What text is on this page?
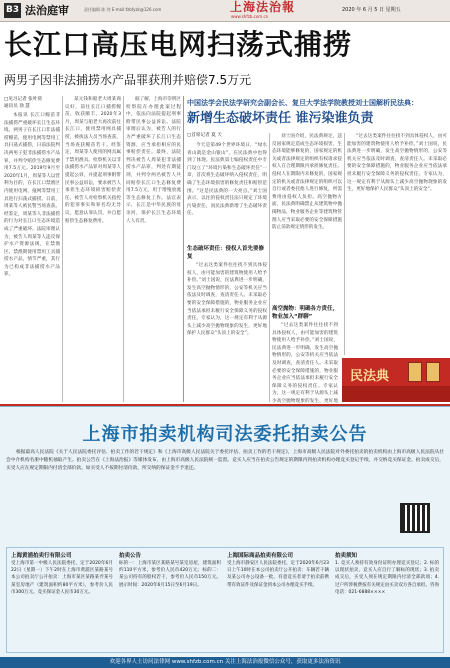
B3 法治庭审	责任编辑 陈 剑 E-mail:fzbfyzk@126.com	上海法治報
www.shfzb.com.cn
2020 年 6 月 5 日 星期五
长江口高压电网扫荡式捕捞
两男子因非法捕捞水产品罪获刑并赔偿7.5万元
□见习记者 张叶荷
通讯员 徐 慧
本报讯 长江口鳗苗非法捕捞严重破坏长江生态环境。两男子在长江口非法捕捞鳗苗，使用电网等禁用工具扫荡式捕捞，日前法院判决两男子犯非法捕捞水产品罪，并判令赔偿生态修复费用7.5万元。2019年9月至2020年1月，周某等人以营利为目的，在长江口禁渔区内使用电网、拖网等禁用工具进行扫荡式捕捞。日前，周某等人被民警当场查获。经鉴定，周某等人非法捕捞的行为对长江口生态环境造成了严重破坏。法院审理认为，被告人周某等人违反保护水产资源法规，在禁渔区、禁渔期使用禁用工具捕捞水产品，情节严重，其行为已构成非法捕捞水产品罪。
某元钱和船老大周某商议好，前往长江口捕捞鳗苗，收获颇丰。2020年3月，周某与船老大再次前往长江口，使用禁用网具捕捞，被执法人员当场查获，当场查获鳗苗若干。经鉴定，周某等人使用的网具属于禁用渔具。检察机关以非法捕捞水产品罪对周某等人提起公诉，并提起刑事附带民事公益诉讼，要求被告人承担生态环境损害赔偿责任。被告人对检察机关指控的犯罪事实和罪名均无异议，愿意认罪认罚，并自愿赔偿生态修复费用。
据了解，上海市崇明区检察院在办理此案过程中，依法向法院提起刑事附带民事公益诉讼。法院审理后认为，被告人的行为严重破坏了长江口生态资源，应当承担相应的民事赔偿责任。最终，法院判决被告人周某犯非法捕捞水产品罪，判处有期徒刑，并判令两名被告人共同赔偿长江口生态修复费用7.5万元，用于增殖放流等生态修复工作。法官表示，长江是中华民族的母亲河，保护长江生态环境人人有责。
中国法学会民法学研究会副会长、复旦大学法学院教授刘士国解析民法典：
新增生态破坏责任 谁污染谁负责
□首席记者 夏 天
今天是第49个世界环境日，“绿水青山就是金山银山”，在民法典中也得到了体现。民法典第七编侵权责任中专门设立了“环境污染和生态破坏责任”一章，首次将生态破坏纳入侵权责任，明确了生态环境损害的修复责任和赔偿范围。“这是民法典的一大亮点。”刘士国表示，以往的侵权责任法只规定了环境污染责任，而民法典新增了生态破坏责任。
生态破坏责任：侵权人首先要修复
“过去这类案件往往找不到具体侵权人，由可能加害的建筑物使用人给予补偿。”刘士国说，民法典进一步明确，发生高空抛物情形的，公安等机关应当依法及时调查，查清责任人。未采取必要的安全保障措施的，物业服务企业应当依法承担未履行安全保障义务的侵权责任。专家认为，这一规定有利于从源头上减少高空抛物现象的发生，更好地保护人民群众“头顶上的安全”。
刘士国介绍，民法典规定，违反国家规定造成生态环境损害，生态环境能够修复的，国家规定的机关或者法律规定的组织有权请求侵权人在合理期限内承担修复责任。侵权人在期限内未修复的，国家规定的机关或者法律规定的组织可以自行或者委托他人进行修复，所需费用由侵权人负担。高空抛物方面，民法典明确禁止从建筑物中抛掷物品，物业服务企业等建筑物管理人应当采取必要的安全保障措施防止前款规定情形的发生。
高空抛物：明确各方责任，物业加入“群聊”
“过去这类案件往往找不到具体侵权人，由可能加害的建筑物使用人给予补偿。”刘士国说，民法典进一步明确，发生高空抛物情形的，公安等机关应当依法及时调查，查清责任人。未采取必要的安全保障措施的，物业服务企业应当依法承担未履行安全保障义务的侵权责任。专家认为，这一规定有利于从源头上减少高空抛物现象的发生，更好地
“过去这类案件往往找不到具体侵权人，由可能加害的建筑物使用人给予补偿。”刘士国说，民法典进一步明确，发生高空抛物情形的，公安等机关应当依法及时调查，查清责任人。未采取必要的安全保障措施的，物业服务企业应当依法承担未履行安全保障义务的侵权责任。专家认为，这一规定有利于从源头上减少高空抛物现象的发生，更好地保护人民群众“头顶上的安全”。
民法典
上海市拍卖机构司法委托拍卖公告
根据最高人民法院《关于人民法院委托评估、拍卖工作的若干规定》和《上海市高级人民法院关于委托评估、拍卖工作的若干规定》，上海市高级人民法院对外委托拍卖的拍卖机构由上海市高级人民法院从社会中介机构名册中随机抽取产生。拍卖公告在《上海法治报》等媒体发布，由上海市高级人民法院统一监督。竞买人应当在拍卖公告规定的期限内到拍卖机构办理竞买登记手续，并交纳竞买保证金。拍卖成交后，买受人应在规定期限内付清全部价款。如买受人不按期付清价款，所交纳的保证金不予退还。
上海黄浦拍卖行有限公司
受上海市第一中级人民法院委托，定于2020年6月22日（星期一）下午2时在上海市黄浦区某路某号本公司拍卖厅公开拍卖：上海市某区某路某弄某号某室房地产（建筑面积约80平方米），参考价人民币300万元。竞买保证金人民币30万元。
拍卖公告
标的一：上海市某区某路某号某室房屋，建筑面积约110平方米，参考价人民币420万元；标的二：某公司持有的股权若干，参考价人民币150万元。展示时间：2020年6月15日至6月19日。
上海国际商品拍卖有限公司
受上海市静安区人民法院委托，定于2020年6月23日上午10时在本公司拍卖厅公开拍卖：车辆若干辆及某公司办公设备一批。有意竞买者请于拍卖前携带有效证件及保证金到本公司办理竞买手续。
拍卖须知
1. 竞买人须持有效身份证明办理竞买登记；2. 标的以现状拍卖，竞买人应自行了解标的现状；3. 拍卖成交后，买受人须在规定期限内付清全部款项；4. 过户所涉税费按有关规定由买卖双方各自承担。咨询电话：021-6888××××
欢迎各界人士访问法律网 www.shfzb.com.cn 关注上海法治报微信公众号，获取更多法治资讯
